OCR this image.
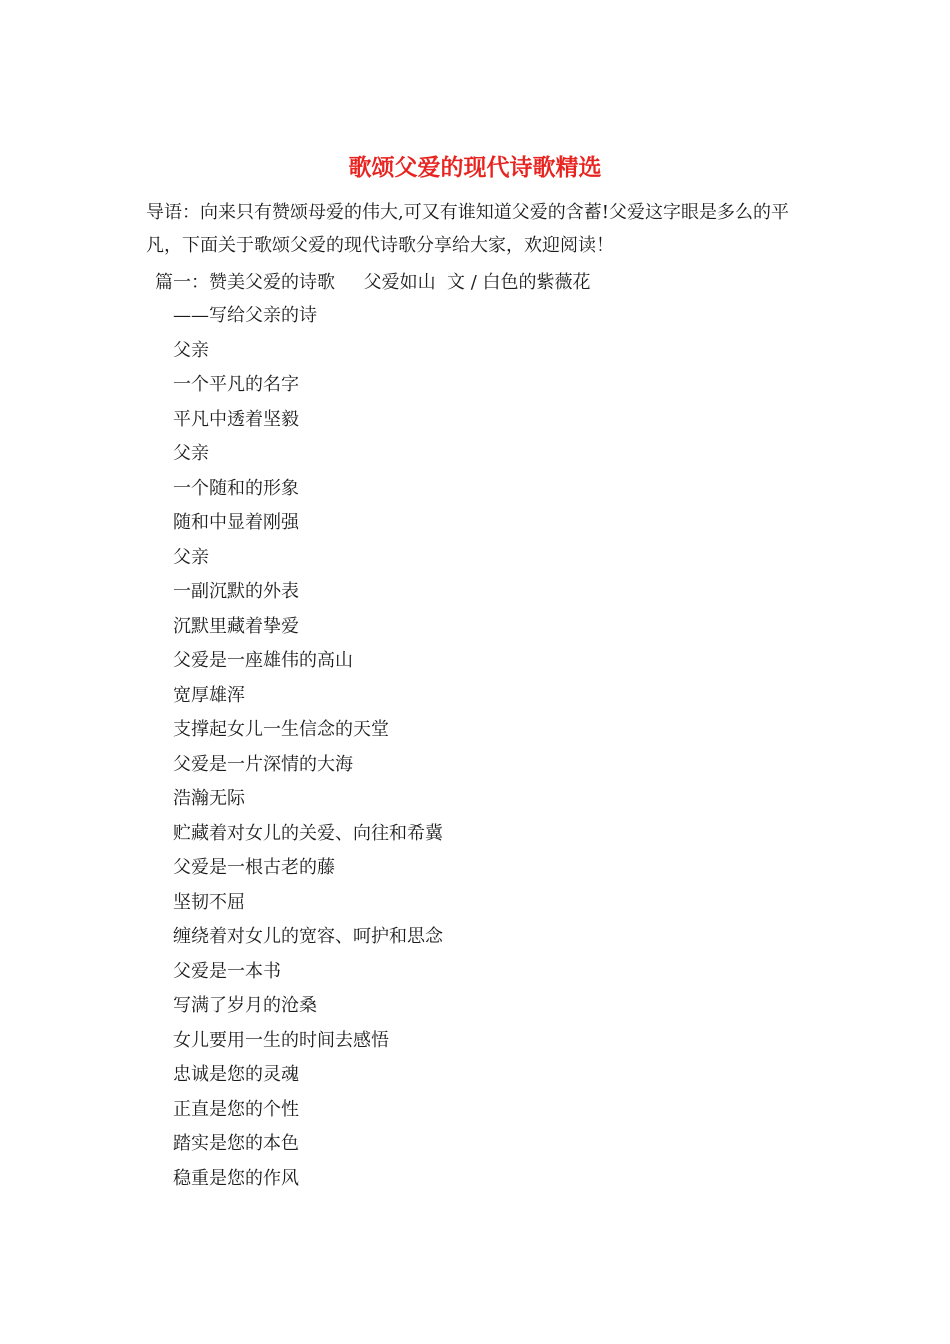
歌颂父爱的现代诗歌精选

导语：向来只有赞颂母爱的伟大,可又有谁知道父爱的含蓄!父爱这字眼是多么的平凡，下面关于歌颂父爱的现代诗歌分享给大家，欢迎阅读！

篇一：赞美父爱的诗歌     父爱如山  文 / 白色的紫薇花

——写给父亲的诗
父亲
一个平凡的名字
平凡中透着坚毅
父亲
一个随和的形象
随和中显着刚强
父亲
一副沉默的外表
沉默里藏着挚爱
父爱是一座雄伟的高山
宽厚雄浑
支撑起女儿一生信念的天堂
父爱是一片深情的大海
浩瀚无际
贮藏着对女儿的关爱、向往和希冀
父爱是一根古老的藤
坚韧不屈
缠绕着对女儿的宽容、呵护和思念
父爱是一本书
写满了岁月的沧桑
女儿要用一生的时间去感悟
忠诚是您的灵魂
正直是您的个性
踏实是您的本色
稳重是您的作风
